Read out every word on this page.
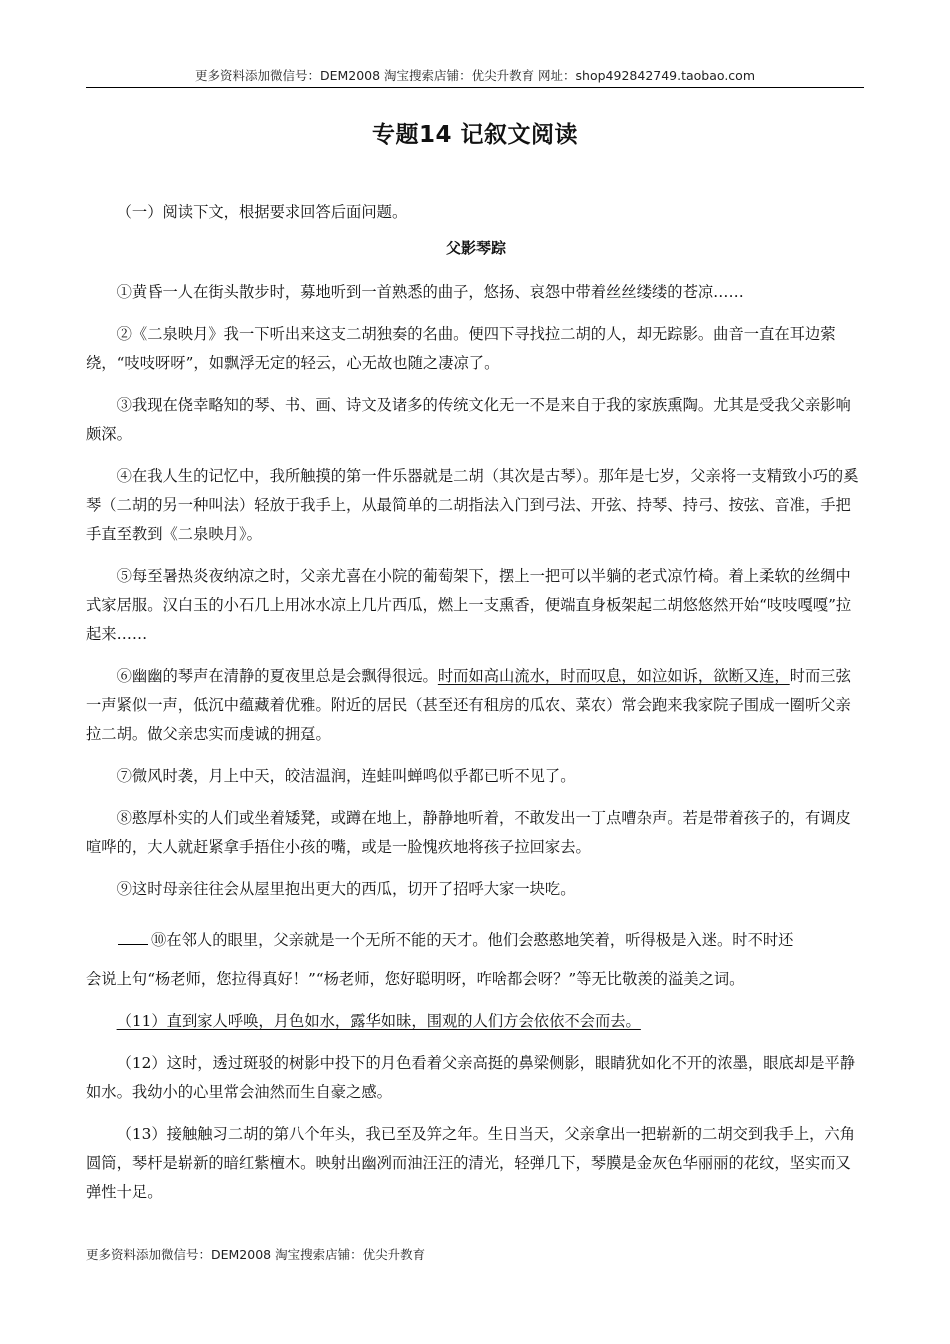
更多资料添加微信号：DEM2008 淘宝搜索店铺：优尖升教育 网址：shop492842749.taobao.com
专题14 记叙文阅读

（一）阅读下文，根据要求回答后面问题。

父影琴踪

①黄昏一人在街头散步时，募地听到一首熟悉的曲子，悠扬、哀怨中带着丝丝缕缕的苍凉……

②《二泉映月》我一下听出来这支二胡独奏的名曲。便四下寻找拉二胡的人，却无踪影。曲音一直在耳边萦绕，“吱吱呀呀”，如飘浮无定的轻云，心无故也随之凄凉了。

③我现在侥幸略知的琴、书、画、诗文及诸多的传统文化无一不是来自于我的家族熏陶。尤其是受我父亲影响颇深。

④在我人生的记忆中，我所触摸的第一件乐器就是二胡（其次是古琴）。那年是七岁，父亲将一支精致小巧的奚琴（二胡的另一种叫法）轻放于我手上，从最简单的二胡指法入门到弓法、开弦、持琴、持弓、按弦、音准，手把手直至教到《二泉映月》。

⑤每至暑热炎夜纳凉之时，父亲尤喜在小院的葡萄架下，摆上一把可以半躺的老式凉竹椅。着上柔软的丝绸中式家居服。汉白玉的小石几上用冰水凉上几片西瓜，燃上一支熏香，便端直身板架起二胡悠悠然开始“吱吱嘎嘎”拉起来……

⑥幽幽的琴声在清静的夏夜里总是会飘得很远。时而如高山流水，时而叹息，如泣如诉，欲断又连，时而三弦一声紧似一声，低沉中蕴藏着优雅。附近的居民（甚至还有租房的瓜农、菜农）常会跑来我家院子围成一圈听父亲拉二胡。做父亲忠实而虔诚的拥趸。

⑦微风时袭，月上中天，皎洁温润，连蛙叫蝉鸣似乎都已听不见了。

⑧憨厚朴实的人们或坐着矮凳，或蹲在地上，静静地听着，不敢发出一丁点嘈杂声。若是带着孩子的，有调皮喧哗的，大人就赶紧拿手捂住小孩的嘴，或是一脸愧疚地将孩子拉回家去。

⑨这时母亲往往会从屋里抱出更大的西瓜，切开了招呼大家一块吃。

⑩在邻人的眼里，父亲就是一个无所不能的天才。他们会憨憨地笑着，听得极是入迷。时不时还
会说上句“杨老师，您拉得真好！”“杨老师，您好聪明呀，咋啥都会呀？”等无比敬羡的溢美之词。

（11）直到家人呼唤，月色如水，露华如昧，围观的人们方会依依不会而去。

（12）这时，透过斑驳的树影中投下的月色看着父亲高挺的鼻梁侧影，眼睛犹如化不开的浓墨，眼底却是平静如水。我幼小的心里常会油然而生自豪之感。

（13）接触触习二胡的第八个年头，我已至及笄之年。生日当天，父亲拿出一把崭新的二胡交到我手上，六角圆筒，琴杆是崭新的暗红紫檀木。映射出幽冽而油汪汪的清光，轻弹几下，琴膜是金灰色华丽丽的花纹，坚实而又弹性十足。

更多资料添加微信号：DEM2008 淘宝搜索店铺：优尖升教育
